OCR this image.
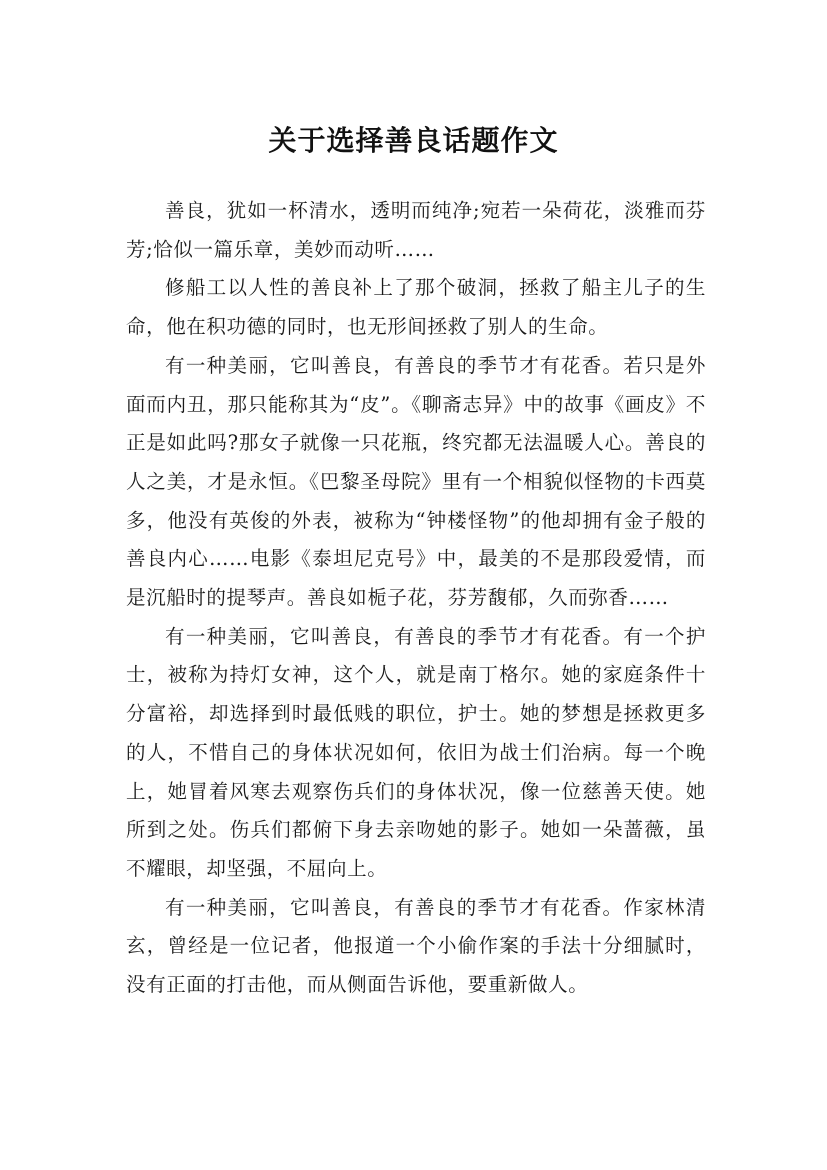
关于选择善良话题作文

善良，犹如一杯清水，透明而纯净;宛若一朵荷花，淡雅而芬芳;恰似一篇乐章，美妙而动听……

修船工以人性的善良补上了那个破洞，拯救了船主儿子的生命，他在积功德的同时，也无形间拯救了别人的生命。

有一种美丽，它叫善良，有善良的季节才有花香。若只是外面而内丑，那只能称其为“皮”。《聊斋志异》中的故事《画皮》不正是如此吗?那女子就像一只花瓶，终究都无法温暖人心。善良的人之美，才是永恒。《巴黎圣母院》里有一个相貌似怪物的卡西莫多，他没有英俊的外表，被称为“钟楼怪物”的他却拥有金子般的善良内心……电影《泰坦尼克号》中，最美的不是那段爱情，而是沉船时的提琴声。善良如栀子花，芬芳馥郁，久而弥香……

有一种美丽，它叫善良，有善良的季节才有花香。有一个护士，被称为持灯女神，这个人，就是南丁格尔。她的家庭条件十分富裕，却选择到时最低贱的职位，护士。她的梦想是拯救更多的人，不惜自己的身体状况如何，依旧为战士们治病。每一个晚上，她冒着风寒去观察伤兵们的身体状况，像一位慈善天使。她所到之处。伤兵们都俯下身去亲吻她的影子。她如一朵蔷薇，虽不耀眼，却坚强，不屈向上。

有一种美丽，它叫善良，有善良的季节才有花香。作家林清玄，曾经是一位记者，他报道一个小偷作案的手法十分细腻时，没有正面的打击他，而从侧面告诉他，要重新做人。
